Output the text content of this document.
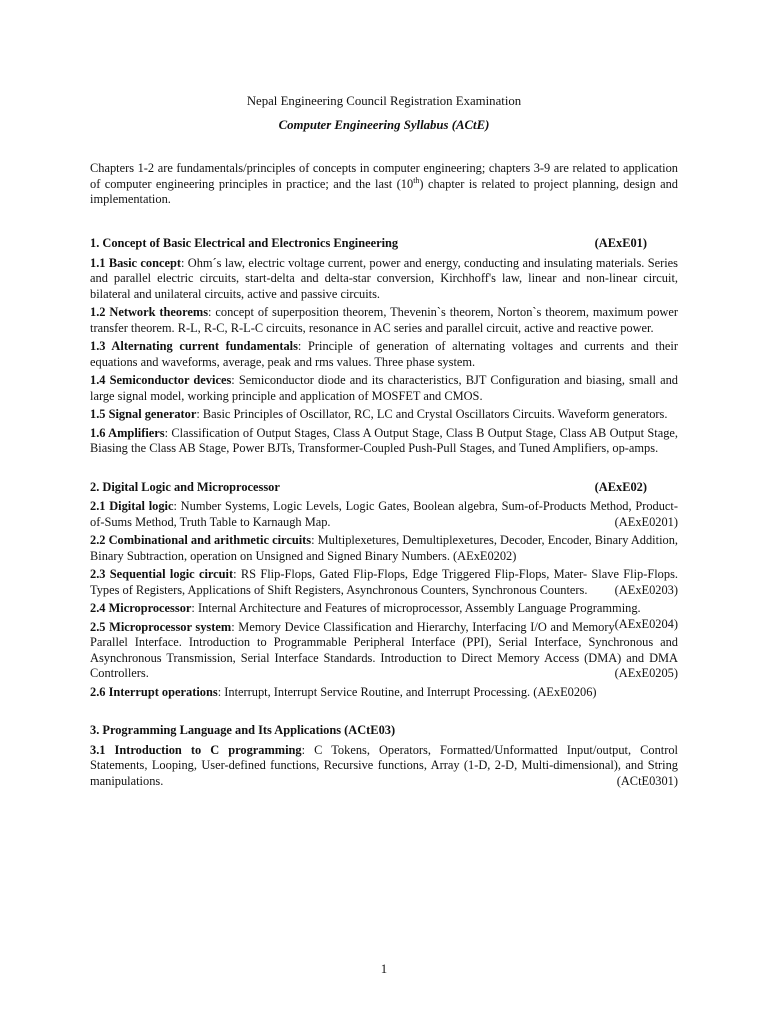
Nepal Engineering Council Registration Examination
Computer Engineering Syllabus (ACtE)
Chapters 1-2 are fundamentals/principles of concepts in computer engineering; chapters 3-9 are related to application of computer engineering principles in practice; and the last (10th) chapter is related to project planning, design and implementation.
1. Concept of Basic Electrical and Electronics Engineering	(AExE01)
1.1 Basic concept: Ohm´s law, electric voltage current, power and energy, conducting and insulating materials. Series and parallel electric circuits, start-delta and delta-star conversion, Kirchhoff's law, linear and non-linear circuit, bilateral and unilateral circuits, active and passive circuits.
1.2 Network theorems: concept of superposition theorem, Thevenin`s theorem, Norton`s theorem, maximum power transfer theorem. R-L, R-C, R-L-C circuits, resonance in AC series and parallel circuit, active and reactive power.
1.3 Alternating current fundamentals: Principle of generation of alternating voltages and currents and their equations and waveforms, average, peak and rms values. Three phase system.
1.4 Semiconductor devices: Semiconductor diode and its characteristics, BJT Configuration and biasing, small and large signal model, working principle and application of MOSFET and CMOS.
1.5 Signal generator: Basic Principles of Oscillator, RC, LC and Crystal Oscillators Circuits. Waveform generators.
1.6 Amplifiers: Classification of Output Stages, Class A Output Stage, Class B Output Stage, Class AB Output Stage, Biasing the Class AB Stage, Power BJTs, Transformer-Coupled Push-Pull Stages, and Tuned Amplifiers, op-amps.
2. Digital Logic and Microprocessor	(AExE02)
2.1 Digital logic: Number Systems, Logic Levels, Logic Gates, Boolean algebra, Sum-of-Products Method, Product-of-Sums Method, Truth Table to Karnaugh Map.	(AExE0201)
2.2 Combinational and arithmetic circuits: Multiplexetures, Demultiplexetures, Decoder, Encoder, Binary Addition, Binary Subtraction, operation on Unsigned and Signed Binary Numbers. (AExE0202)
2.3 Sequential logic circuit: RS Flip-Flops, Gated Flip-Flops, Edge Triggered Flip-Flops, Mater- Slave Flip-Flops. Types of Registers, Applications of Shift Registers, Asynchronous Counters, Synchronous Counters. (AExE0203)
2.4 Microprocessor: Internal Architecture and Features of microprocessor, Assembly Language Programming.
(AExE0204)
2.5 Microprocessor system: Memory Device Classification and Hierarchy, Interfacing I/O and Memory Parallel Interface. Introduction to Programmable Peripheral Interface (PPI), Serial Interface, Synchronous and Asynchronous Transmission, Serial Interface Standards. Introduction to Direct Memory Access (DMA) and DMA Controllers.	(AExE0205)
2.6 Interrupt operations: Interrupt, Interrupt Service Routine, and Interrupt Processing. (AExE0206)
3. Programming Language and Its Applications (ACtE03)
3.1 Introduction to C programming: C Tokens, Operators, Formatted/Unformatted Input/output, Control Statements, Looping, User-defined functions, Recursive functions, Array (1-D, 2-D, Multi-dimensional), and String manipulations.	(ACtE0301)
1
